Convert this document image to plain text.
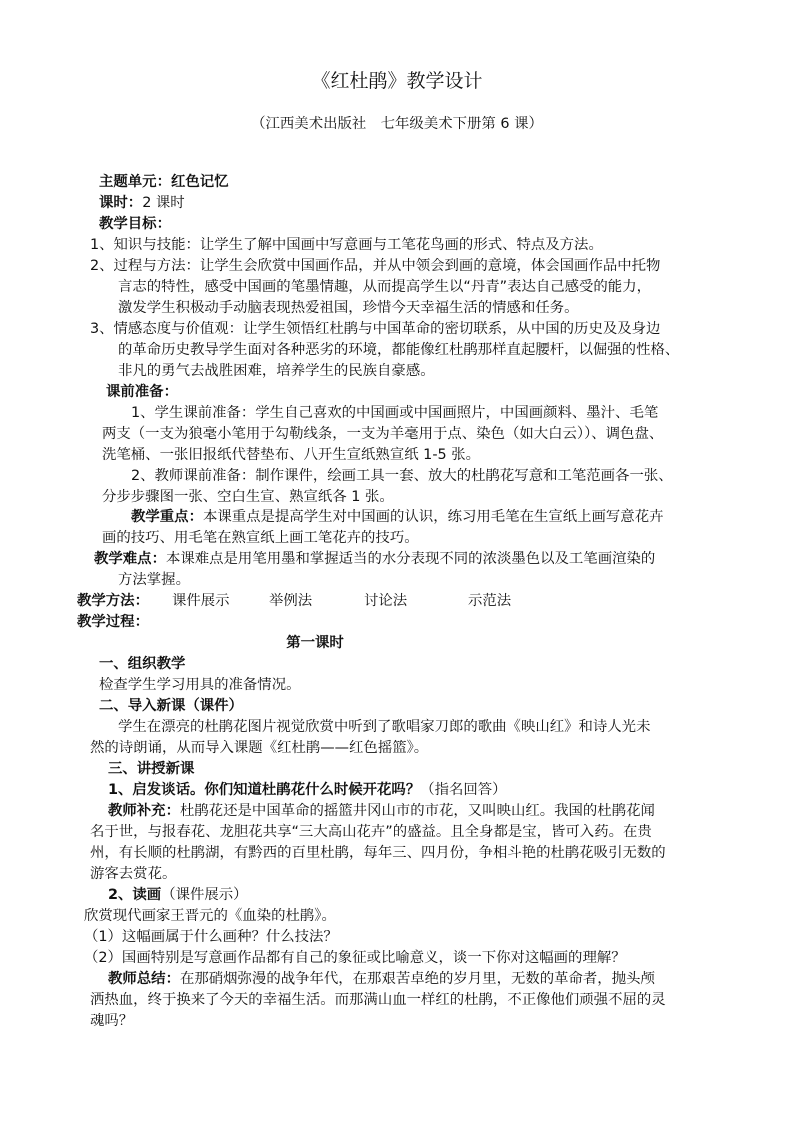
《红杜鹃》教学设计
（江西美术出版社　七年级美术下册第 6 课）
主题单元：红色记忆
课时：2 课时
教学目标：
1、知识与技能：让学生了解中国画中写意画与工笔花鸟画的形式、特点及方法。
2、过程与方法：让学生会欣赏中国画作品，并从中领会到画的意境，体会国画作品中托物
言志的特性，感受中国画的笔墨情趣，从而提高学生以“丹青”表达自己感受的能力，
激发学生积极动手动脑表现热爱祖国，珍惜今天幸福生活的情感和任务。
3、情感态度与价值观：让学生领悟红杜鹃与中国革命的密切联系，从中国的历史及及身边
的革命历史教导学生面对各种恶劣的环境，都能像红杜鹃那样直起腰杆，以倔强的性格、
非凡的勇气去战胜困难，培养学生的民族自豪感。
课前准备：
1、学生课前准备：学生自己喜欢的中国画或中国画照片，中国画颜料、墨汁、毛笔
两支（一支为狼毫小笔用于勾勒线条，一支为羊毫用于点、染色（如大白云））、调色盘、
洗笔桶、一张旧报纸代替垫布、八开生宣纸熟宣纸 1-5 张。
2、教师课前准备：制作课件，绘画工具一套、放大的杜鹃花写意和工笔范画各一张、
分步步骤图一张、空白生宣、熟宣纸各 1 张。
教学重点：本课重点是提高学生对中国画的认识，练习用毛笔在生宣纸上画写意花卉
画的技巧、用毛笔在熟宣纸上画工笔花卉的技巧。
教学难点：本课难点是用笔用墨和掌握适当的水分表现不同的浓淡墨色以及工笔画渲染的
方法掌握。
教学方法： 课件展示	举例法	讨论法	示范法
教学过程：
第一课时
一、组织教学
检查学生学习用具的准备情况。
二、导入新课（课件）
学生在漂亮的杜鹃花图片视觉欣赏中听到了歌唱家刀郎的歌曲《映山红》和诗人光未
然的诗朗诵，从而导入课题《红杜鹃——红色摇篮》。
三、讲授新课
1、启发谈话。你们知道杜鹃花什么时候开花吗？（指名回答）
教师补充：杜鹃花还是中国革命的摇篮井冈山市的市花，又叫映山红。我国的杜鹃花闻
名于世，与报春花、龙胆花共享“三大高山花卉”的盛益。且全身都是宝，皆可入药。在贵
州，有长顺的杜鹃湖，有黔西的百里杜鹃，每年三、四月份，争相斗艳的杜鹃花吸引无数的
游客去赏花。
2、读画（课件展示）
欣赏现代画家王晋元的《血染的杜鹃》。
（1）这幅画属于什么画种？什么技法？
（2）国画特别是写意画作品都有自己的象征或比喻意义，谈一下你对这幅画的理解？
教师总结：在那硝烟弥漫的战争年代，在那艰苦卓绝的岁月里，无数的革命者，抛头颅
洒热血，终于换来了今天的幸福生活。而那满山血一样红的杜鹃，不正像他们顽强不屈的灵
魂吗？
